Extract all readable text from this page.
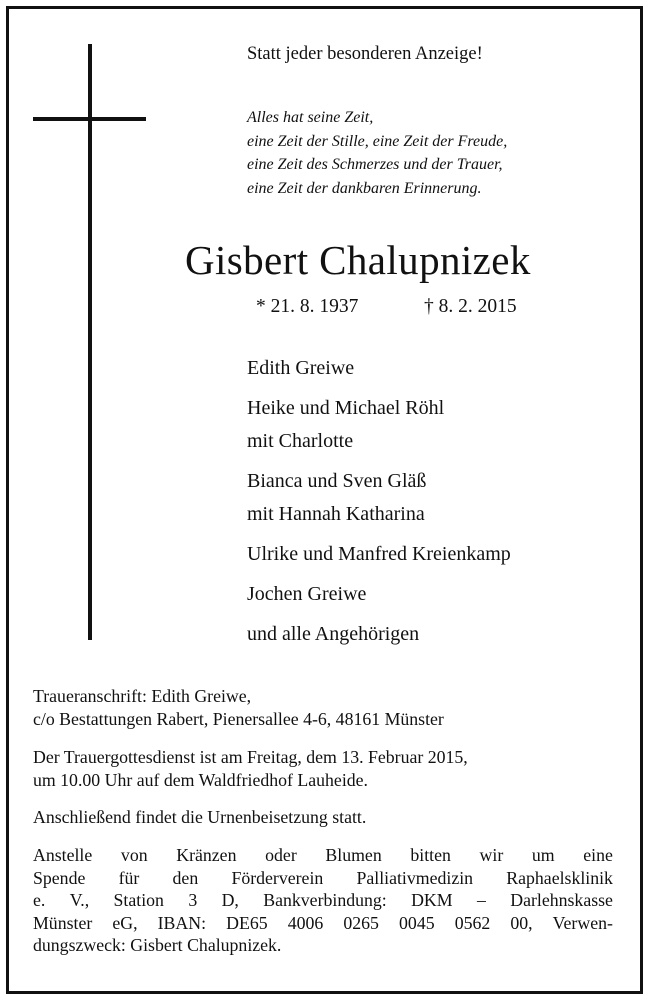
Statt jeder besonderen Anzeige!
Alles hat seine Zeit,
eine Zeit der Stille, eine Zeit der Freude,
eine Zeit des Schmerzes und der Trauer,
eine Zeit der dankbaren Erinnerung.
Gisbert Chalupnizek
* 21. 8. 1937	† 8. 2. 2015
Edith Greiwe
Heike und Michael Röhl
mit Charlotte
Bianca und Sven Gläß
mit Hannah Katharina
Ulrike und Manfred Kreienkamp
Jochen Greiwe
und alle Angehörigen
Traueranschrift: Edith Greiwe,
c/o Bestattungen Rabert, Pienersallee 4-6, 48161 Münster
Der Trauergottesdienst ist am Freitag, dem 13. Februar 2015,
um 10.00 Uhr auf dem Waldfriedhof Lauheide.
Anschließend findet die Urnenbeisetzung statt.
Anstelle von Kränzen oder Blumen bitten wir um eine
Spende für den Förderverein Palliativmedizin Raphaelsklinik
e. V., Station 3 D, Bankverbindung: DKM – Darlehnskasse
Münster eG, IBAN: DE65 4006 0265 0045 0562 00, Verwen-
dungszweck: Gisbert Chalupnizek.
